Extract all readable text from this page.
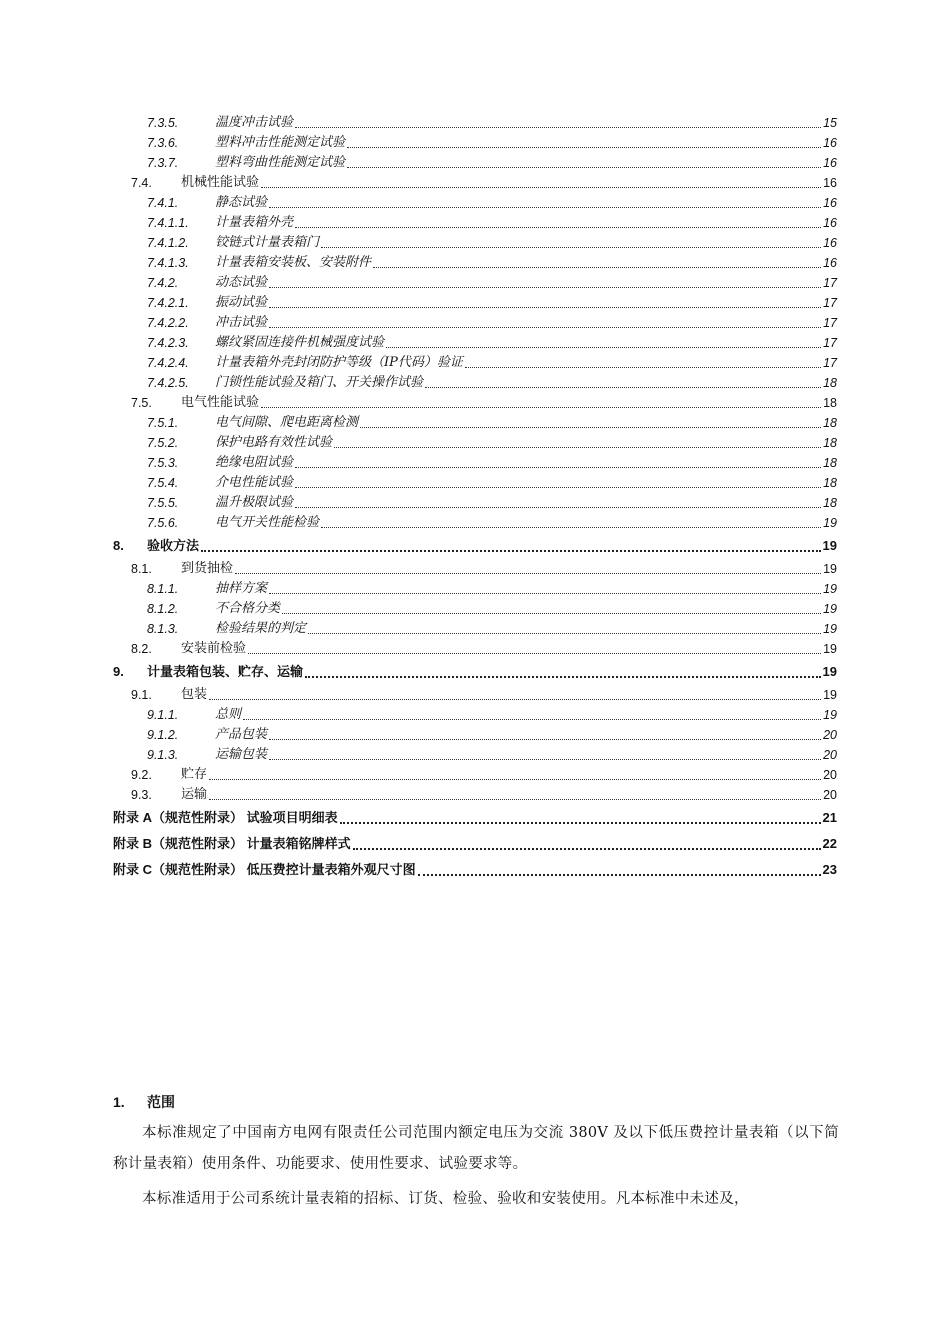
7.3.5.	温度冲击试验	15
7.3.6.	塑料冲击性能测定试验	16
7.3.7.	塑料弯曲性能测定试验	16
7.4.	机械性能试验	16
7.4.1.	静态试验	16
7.4.1.1.	计量表箱外壳	16
7.4.1.2.	铰链式计量表箱门	16
7.4.1.3.	计量表箱安装板、安装附件	16
7.4.2.	动态试验	17
7.4.2.1.	振动试验	17
7.4.2.2.	冲击试验	17
7.4.2.3.	螺纹紧固连接件机械强度试验	17
7.4.2.4.	计量表箱外壳封闭防护等级（IP代码）验证	17
7.4.2.5.	门锁性能试验及箱门、开关操作试验	18
7.5.	电气性能试验	18
7.5.1.	电气间隙、爬电距离检测	18
7.5.2.	保护电路有效性试验	18
7.5.3.	绝缘电阻试验	18
7.5.4.	介电性能试验	18
7.5.5.	温升极限试验	18
7.5.6.	电气开关性能检验	19
8.	验收方法	19
8.1.	到货抽检	19
8.1.1.	抽样方案	19
8.1.2.	不合格分类	19
8.1.3.	检验结果的判定	19
8.2.	安装前检验	19
9.	计量表箱包装、贮存、运输	19
9.1.	包装	19
9.1.1.	总则	19
9.1.2.	产品包装	20
9.1.3.	运输包装	20
9.2.	贮存	20
9.3.	运输	20
附录 A（规范性附录） 试验项目明细表	21
附录 B（规范性附录） 计量表箱铭牌样式	22
附录 C（规范性附录） 低压费控计量表箱外观尺寸图	23
1.	范围

本标准规定了中国南方电网有限责任公司范围内额定电压为交流 380V 及以下低压费控计量表箱（以下简称计量表箱）使用条件、功能要求、使用性要求、试验要求等。

本标准适用于公司系统计量表箱的招标、订货、检验、验收和安装使用。凡本标准中未述及，
